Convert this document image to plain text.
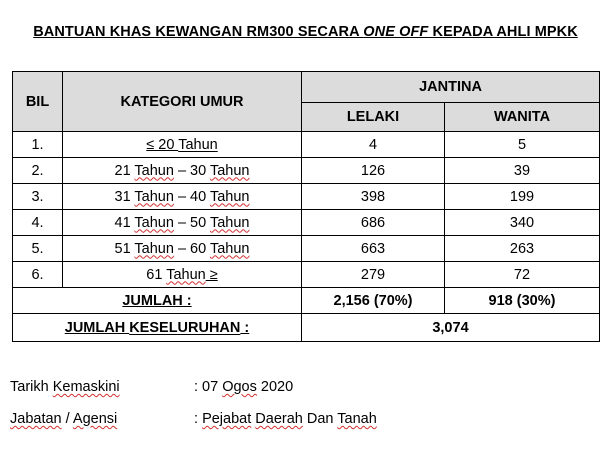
BANTUAN KHAS KEWANGAN RM300 SECARA ONE OFF KEPADA AHLI MPKK
BIL	KATEGORI UMUR	JANTINA	
		LELAKI	WANITA
1.	≤ 20 Tahun	4	5
2.	21 Tahun – 30 Tahun	126	39
3.	31 Tahun – 40 Tahun	398	199
4.	41 Tahun – 50 Tahun	686	340
5.	51 Tahun – 60 Tahun	663	263
6.	61 Tahun ≥	279	72
JUMLAH :		2,156 (70%)	918 (30%)
JUMLAH KESELURUHAN :		3,074	
Tarikh Kemaskini	: 07 Ogos 2020
Jabatan / Agensi	: Pejabat Daerah Dan Tanah
